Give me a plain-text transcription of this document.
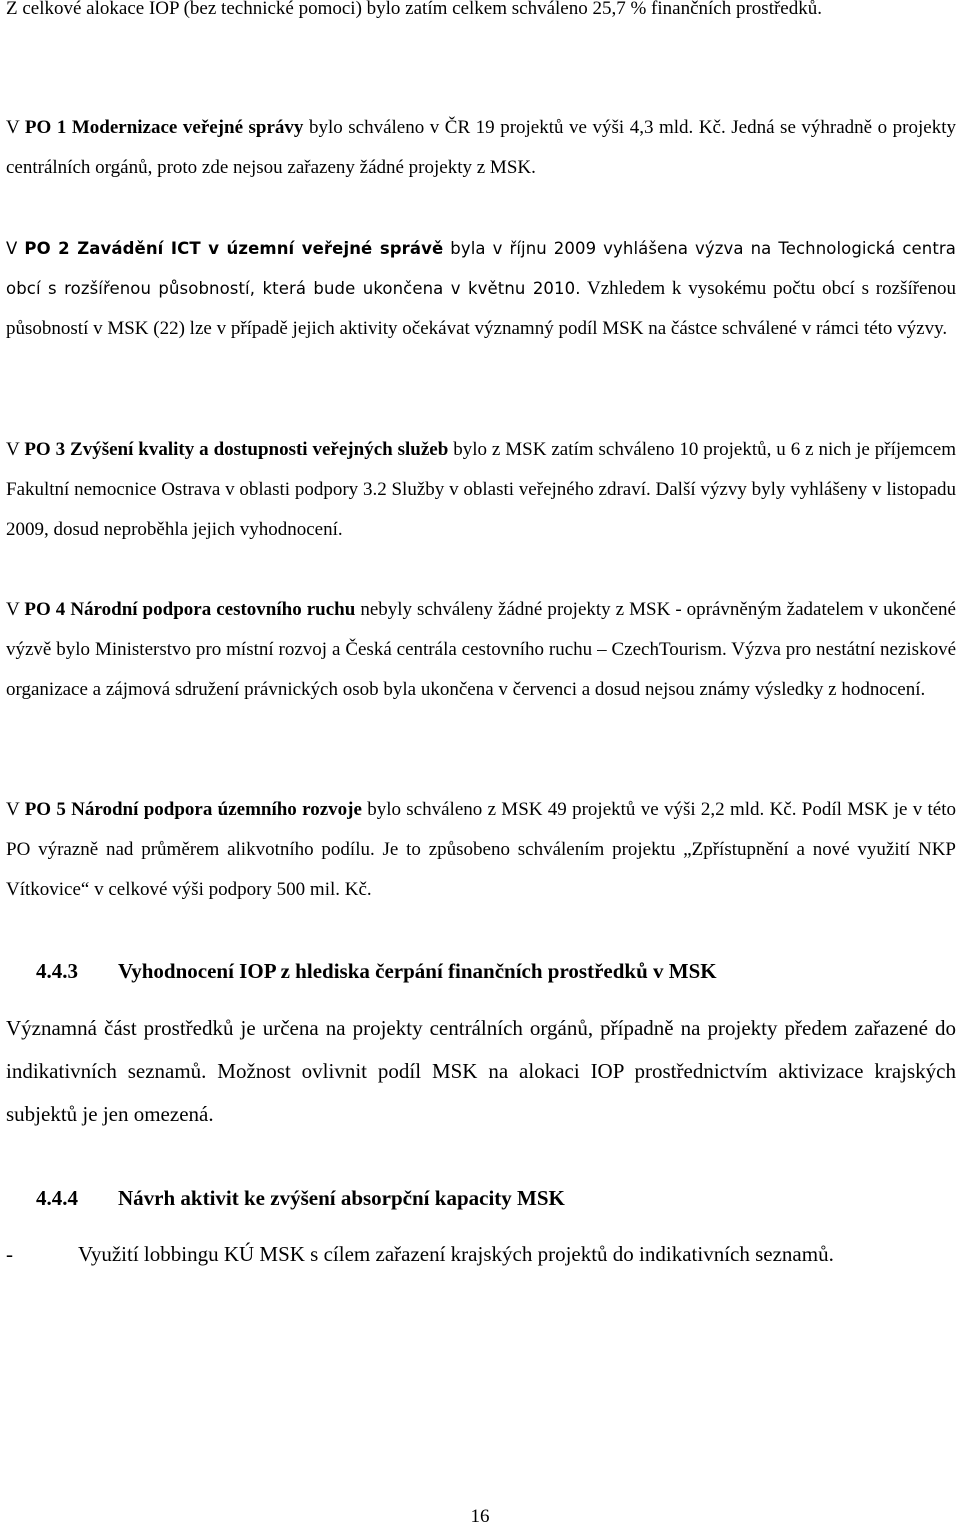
Z celkové alokace IOP (bez technické pomoci) bylo zatím celkem schváleno 25,7 % finančních prostředků.

V PO 1 Modernizace veřejné správy bylo schváleno v ČR 19 projektů ve výši 4,3 mld. Kč. Jedná se výhradně o projekty centrálních orgánů, proto zde nejsou zařazeny žádné projekty z MSK.

V PO 2 Zavádění ICT v územní veřejné správě byla v říjnu 2009 vyhlášena výzva na Technologická centra obcí s rozšířenou působností, která bude ukončena v květnu 2010. Vzhledem k vysokému počtu obcí s rozšířenou působností v MSK (22) lze v případě jejich aktivity očekávat významný podíl MSK na částce schválené v rámci této výzvy.

V PO 3 Zvýšení kvality a dostupnosti veřejných služeb bylo z MSK zatím schváleno 10 projektů, u 6 z nich je příjemcem Fakultní nemocnice Ostrava v oblasti podpory 3.2 Služby v oblasti veřejného zdraví. Další výzvy byly vyhlášeny v listopadu 2009, dosud neproběhla jejich vyhodnocení.

V PO 4 Národní podpora cestovního ruchu nebyly schváleny žádné projekty z MSK - oprávněným žadatelem v ukončené výzvě bylo Ministerstvo pro místní rozvoj a Česká centrála cestovního ruchu – CzechTourism. Výzva pro nestátní neziskové organizace a zájmová sdružení právnických osob byla ukončena v červenci a dosud nejsou známy výsledky z hodnocení.

V PO 5 Národní podpora územního rozvoje bylo schváleno z MSK 49 projektů ve výši 2,2 mld. Kč. Podíl MSK je v této PO výrazně nad průměrem alikvotního podílu. Je to způsobeno schválením projektu „Zpřístupnění a nové využití NKP Vítkovice“ v celkové výši podpory 500 mil. Kč.

4.4.3 Vyhodnocení IOP z hlediska čerpání finančních prostředků v MSK

Významná část prostředků je určena na projekty centrálních orgánů, případně na projekty předem zařazené do indikativních seznamů. Možnost ovlivnit podíl MSK na alokaci IOP prostřednictvím aktivizace krajských subjektů je jen omezená.

4.4.4 Návrh aktivit ke zvýšení absorpční kapacity MSK

-	Využití lobbingu KÚ MSK s cílem zařazení krajských projektů do indikativních seznamů.

16
